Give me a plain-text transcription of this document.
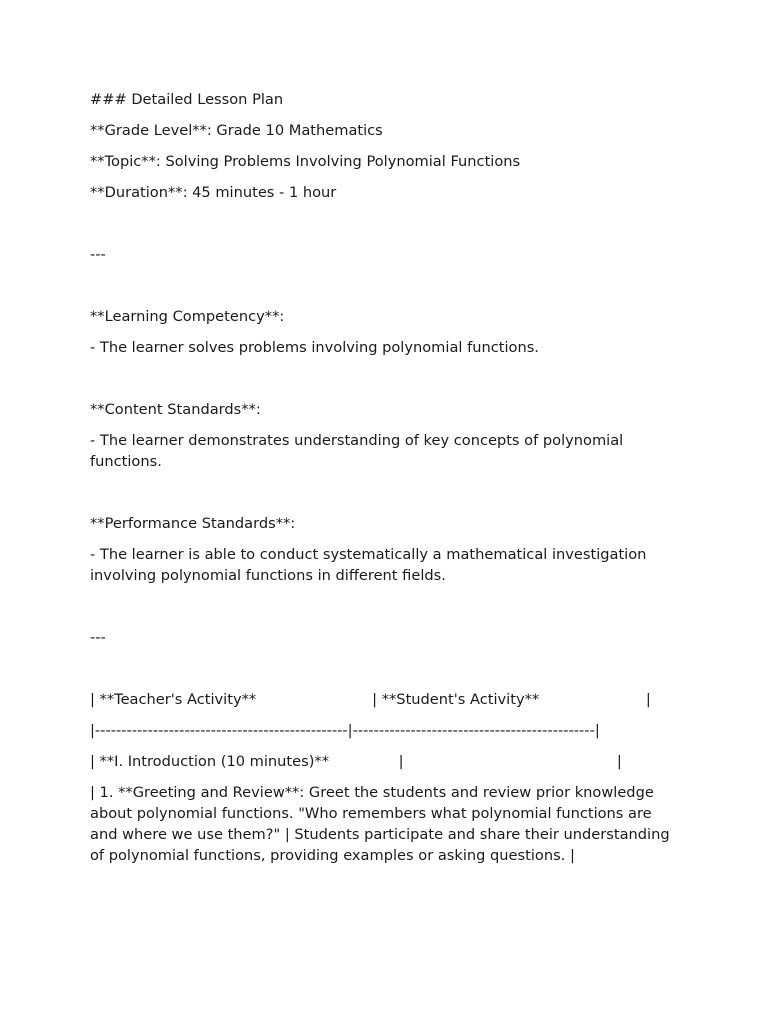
### Detailed Lesson Plan

**Grade Level**: Grade 10 Mathematics

**Topic**: Solving Problems Involving Polynomial Functions

**Duration**: 45 minutes - 1 hour

---

**Learning Competency**:

- The learner solves problems involving polynomial functions.

**Content Standards**:

- The learner demonstrates understanding of key concepts of polynomial functions.

**Performance Standards**:

- The learner is able to conduct systematically a mathematical investigation involving polynomial functions in different fields.

---

| **Teacher's Activity**                         | **Student's Activity**                       |

|------------------------------------------------|----------------------------------------------|

| **I. Introduction (10 minutes)**               |                                              |

| 1. **Greeting and Review**: Greet the students and review prior knowledge about polynomial functions. "Who remembers what polynomial functions are and where we use them?" | Students participate and share their understanding of polynomial functions, providing examples or asking questions. |
